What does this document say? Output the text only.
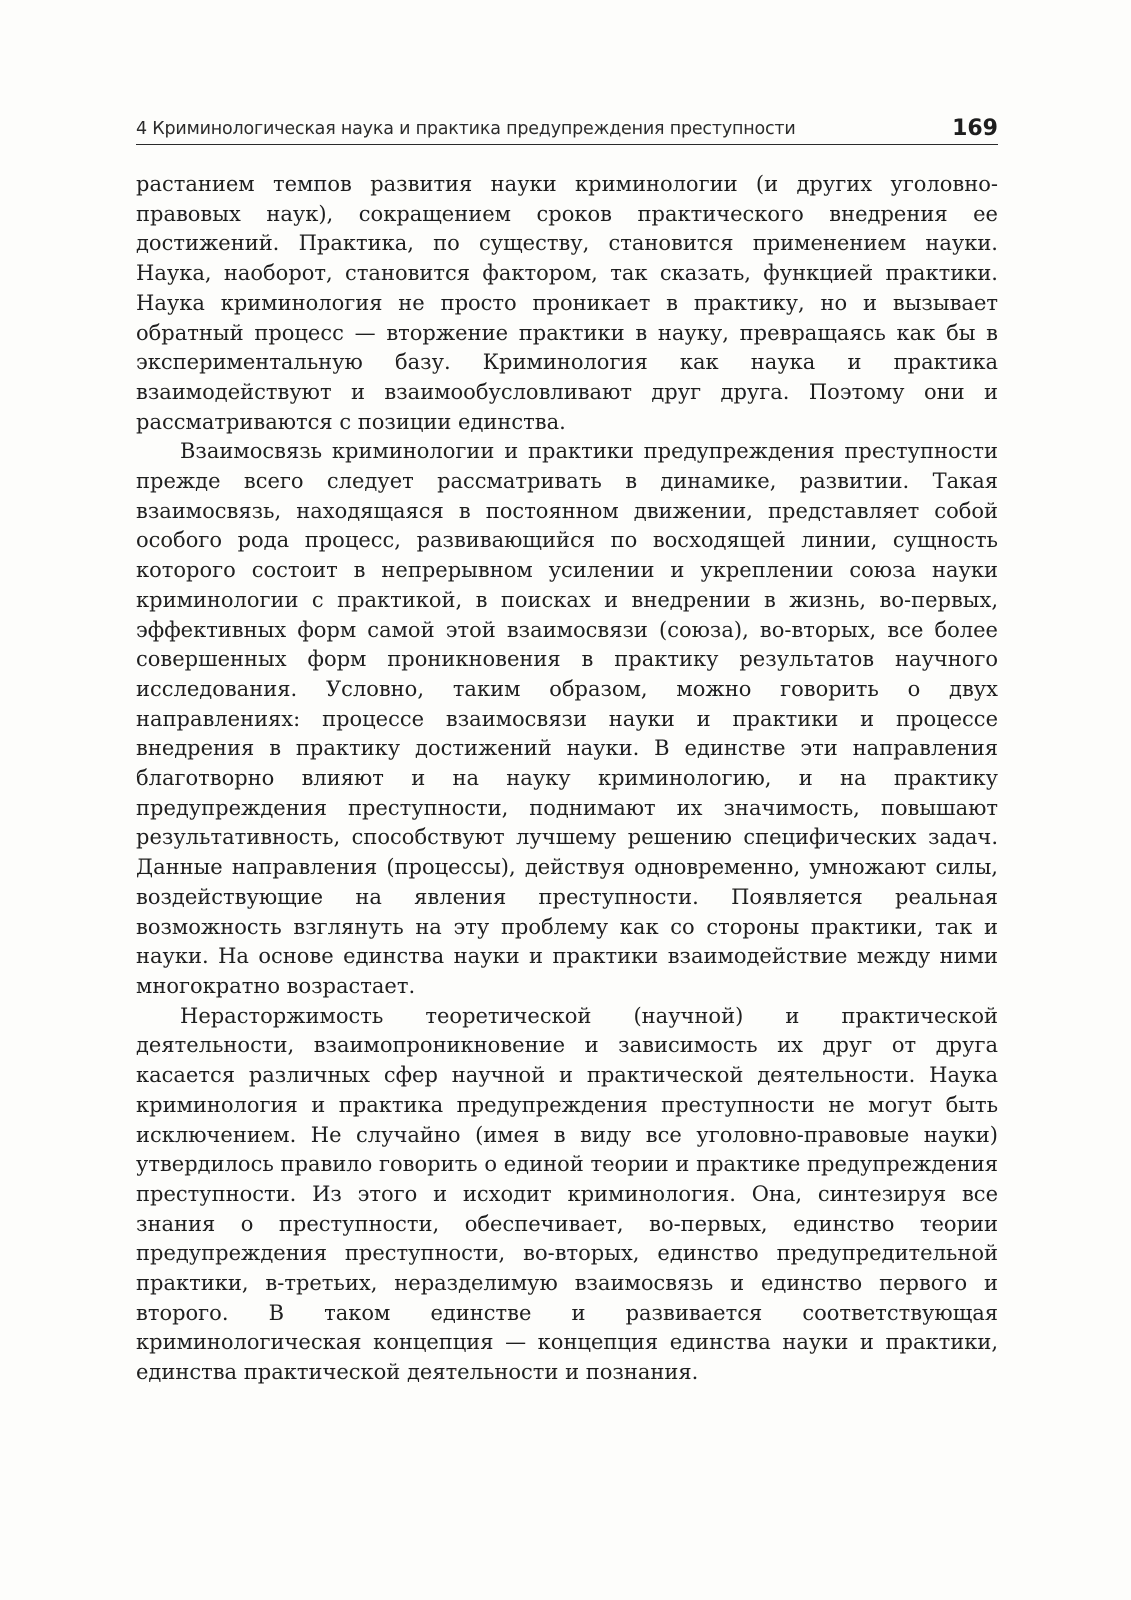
4 Криминологическая наука и практика предупреждения преступности	169

растанием темпов развития науки криминологии (и других уголовно-правовых наук), сокращением сроков практического внедрения ее достижений. Практика, по существу, становится применением науки. Наука, наоборот, становится фактором, так сказать, функцией практики. Наука криминология не просто проникает в практику, но и вызывает обратный процесс — вторжение практики в науку, превращаясь как бы в экспериментальную базу. Криминология как наука и практика взаимодействуют и взаимообусловливают друг друга. Поэтому они и рассматриваются с позиции единства.

Взаимосвязь криминологии и практики предупреждения преступности прежде всего следует рассматривать в динамике, развитии. Такая взаимосвязь, находящаяся в постоянном движении, представляет собой особого рода процесс, развивающийся по восходящей линии, сущность которого состоит в непрерывном усилении и укреплении союза науки криминологии с практикой, в поисках и внедрении в жизнь, во-первых, эффективных форм самой этой взаимосвязи (союза), во-вторых, все более совершенных форм проникновения в практику результатов научного исследования. Условно, таким образом, можно говорить о двух направлениях: процессе взаимосвязи науки и практики и процессе внедрения в практику достижений науки. В единстве эти направления благотворно влияют и на науку криминологию, и на практику предупреждения преступности, поднимают их значимость, повышают результативность, способствуют лучшему решению специфических задач. Данные направления (процессы), действуя одновременно, умножают силы, воздействующие на явления преступности. Появляется реальная возможность взглянуть на эту проблему как со стороны практики, так и науки. На основе единства науки и практики взаимодействие между ними многократно возрастает.

Нерасторжимость теоретической (научной) и практической деятельности, взаимопроникновение и зависимость их друг от друга касается различных сфер научной и практической деятельности. Наука криминология и практика предупреждения преступности не могут быть исключением. Не случайно (имея в виду все уголовно-правовые науки) утвердилось правило говорить о единой теории и практике предупреждения преступности. Из этого и исходит криминология. Она, синтезируя все знания о преступности, обеспечивает, во-первых, единство теории предупреждения преступности, во-вторых, единство предупредительной практики, в-третьих, неразделимую взаимосвязь и единство первого и второго. В таком единстве и развивается соответствующая криминологическая концепция — концепция единства науки и практики, единства практической деятельности и познания.
